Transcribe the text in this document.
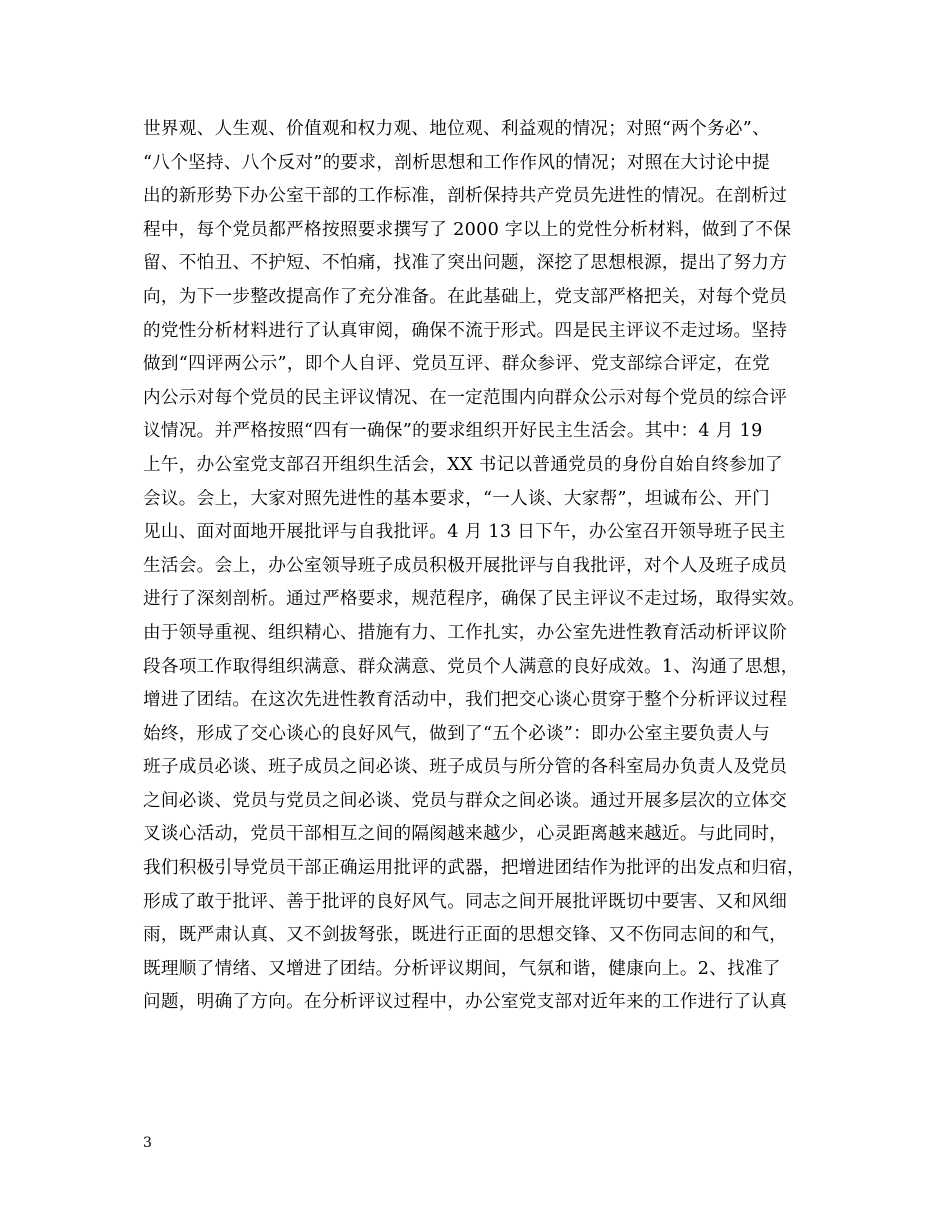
世界观、人生观、价值观和权力观、地位观、利益观的情况；对照“两个务必”、
“八个坚持、八个反对”的要求，剖析思想和工作作风的情况；对照在大讨论中提
出的新形势下办公室干部的工作标准，剖析保持共产党员先进性的情况。在剖析过
程中，每个党员都严格按照要求撰写了 2000 字以上的党性分析材料，做到了不保
留、不怕丑、不护短、不怕痛，找准了突出问题，深挖了思想根源，提出了努力方
向，为下一步整改提高作了充分准备。在此基础上，党支部严格把关，对每个党员
的党性分析材料进行了认真审阅，确保不流于形式。四是民主评议不走过场。坚持
做到“四评两公示”，即个人自评、党员互评、群众参评、党支部综合评定，在党
内公示对每个党员的民主评议情况、在一定范围内向群众公示对每个党员的综合评
议情况。并严格按照“四有一确保”的要求组织开好民主生活会。其中：4 月 19
上午，办公室党支部召开组织生活会，XX 书记以普通党员的身份自始自终参加了
会议。会上，大家对照先进性的基本要求，“一人谈、大家帮”，坦诚布公、开门
见山、面对面地开展批评与自我批评。4 月 13 日下午，办公室召开领导班子民主
生活会。会上，办公室领导班子成员积极开展批评与自我批评，对个人及班子成员
进行了深刻剖析。通过严格要求，规范程序，确保了民主评议不走过场，取得实效。
由于领导重视、组织精心、措施有力、工作扎实，办公室先进性教育活动析评议阶
段各项工作取得组织满意、群众满意、党员个人满意的良好成效。1、沟通了思想，
增进了团结。在这次先进性教育活动中，我们把交心谈心贯穿于整个分析评议过程
始终，形成了交心谈心的良好风气，做到了“五个必谈”：即办公室主要负责人与
班子成员必谈、班子成员之间必谈、班子成员与所分管的各科室局办负责人及党员
之间必谈、党员与党员之间必谈、党员与群众之间必谈。通过开展多层次的立体交
叉谈心活动，党员干部相互之间的隔阂越来越少，心灵距离越来越近。与此同时，
我们积极引导党员干部正确运用批评的武器，把增进团结作为批评的出发点和归宿，
形成了敢于批评、善于批评的良好风气。同志之间开展批评既切中要害、又和风细
雨，既严肃认真、又不剑拔弩张，既进行正面的思想交锋、又不伤同志间的和气，
既理顺了情绪、又增进了团结。分析评议期间，气氛和谐，健康向上。2、找准了
问题，明确了方向。在分析评议过程中，办公室党支部对近年来的工作进行了认真
3
